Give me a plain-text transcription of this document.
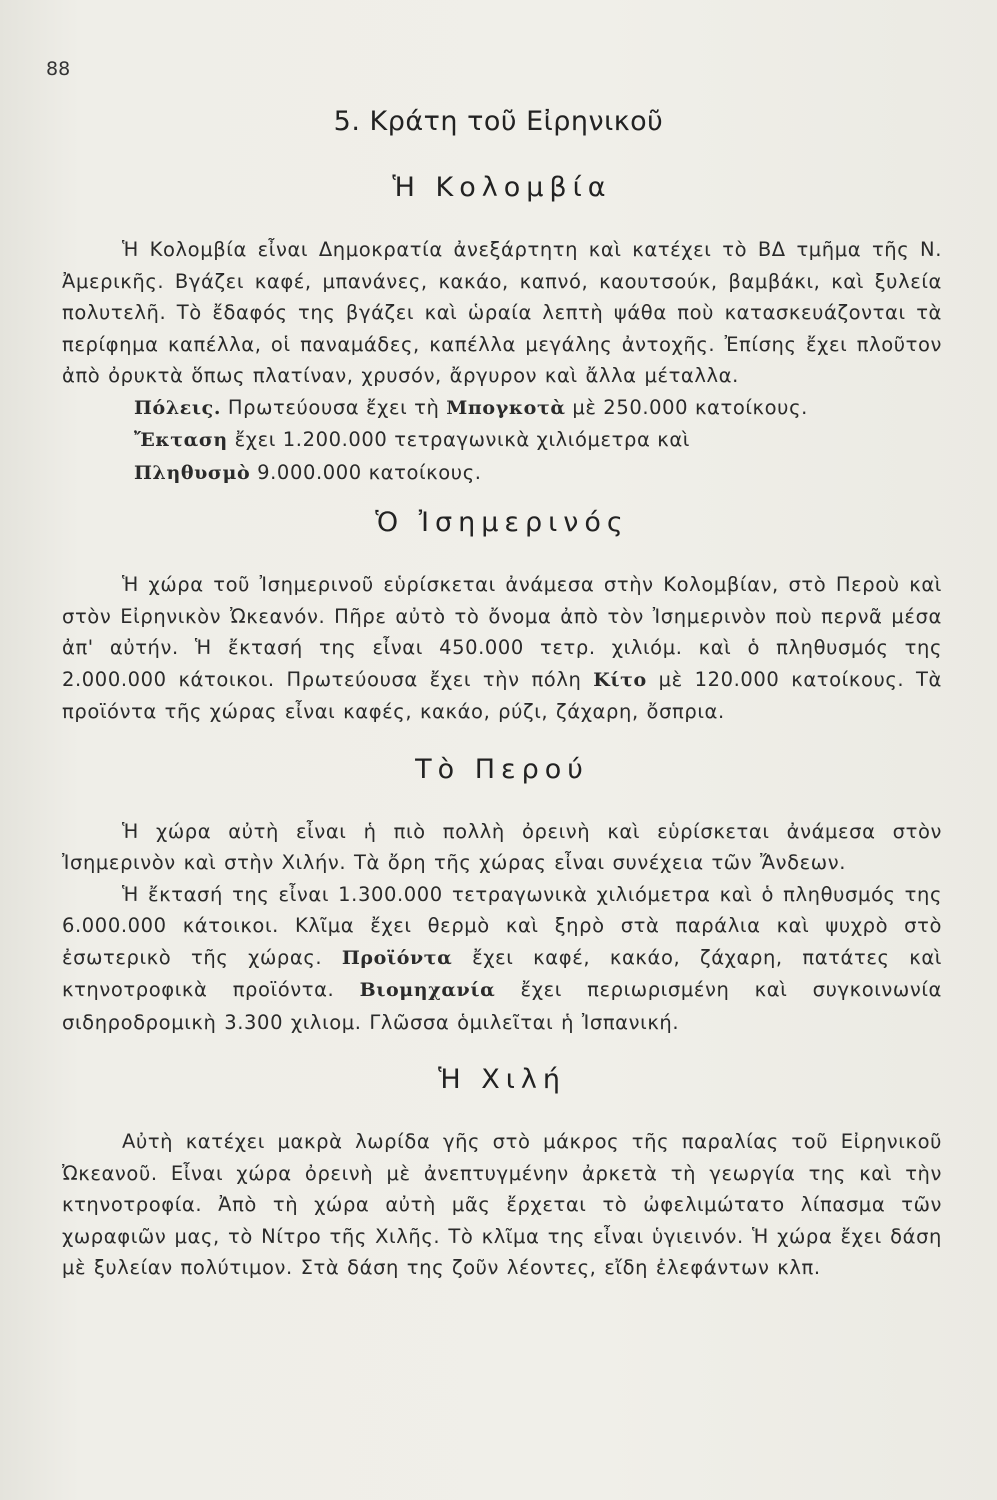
88
5. Κράτη τοῦ Εἰρηνικοῦ
Ἡ Κολομβία

Ἡ Κολομβία εἶναι Δημοκρατία ἀνεξάρτητη καὶ κατέχει τὸ ΒΔ τμῆμα τῆς Ν. Ἀμερικῆς. Βγάζει καφέ, μπανάνες, κακάο, καπνό, καουτσούκ, βαμβάκι, καὶ ξυλεία πολυτελῆ. Τὸ ἔδαφός της βγάζει καὶ ὡραία λεπτὴ ψάθα ποὺ κατασκευάζονται τὰ περίφημα καπέλλα, οἱ παναμάδες, καπέλλα μεγάλης ἀντοχῆς. Ἐπίσης ἔχει πλοῦτον ἀπὸ ὀρυκτὰ ὅπως πλατίναν, χρυσόν, ἄργυρον καὶ ἄλλα μέταλλα.

Πόλεις. Πρωτεύουσα ἔχει τὴ Μπογκοτὰ μὲ 250.000 κατοίκους.

Ἔκταση ἔχει 1.200.000 τετραγωνικὰ χιλιόμετρα καὶ

Πληθυσμὸ 9.000.000 κατοίκους.

Ὁ Ἰσημερινός

Ἡ χώρα τοῦ Ἰσημερινοῦ εὑρίσκεται ἀνάμεσα στὴν Κολομβίαν, στὸ Περοὺ καὶ στὸν Εἰρηνικὸν Ὠκεανόν. Πῆρε αὐτὸ τὸ ὄνομα ἀπὸ τὸν Ἰσημερινὸν ποὺ περνᾶ μέσα ἀπ' αὐτήν. Ἡ ἔκτασή της εἶναι 450.000 τετρ. χιλιόμ. καὶ ὁ πληθυσμός της 2.000.000 κάτοικοι. Πρωτεύουσα ἔχει τὴν πόλη Κίτο μὲ 120.000 κατοίκους. Τὰ προϊόντα τῆς χώρας εἶναι καφές, κακάο, ρύζι, ζάχαρη, ὄσπρια.

Τὸ Περού

Ἡ χώρα αὐτὴ εἶναι ἡ πιὸ πολλὴ ὀρεινὴ καὶ εὑρίσκεται ἀνάμεσα στὸν Ἰσημερινὸν καὶ στὴν Χιλήν. Τὰ ὄρη τῆς χώρας εἶναι συνέχεια τῶν Ἄνδεων.

Ἡ ἔκτασή της εἶναι 1.300.000 τετραγωνικὰ χιλιόμετρα καὶ ὁ πληθυσμός της 6.000.000 κάτοικοι. Κλῖμα ἔχει θερμὸ καὶ ξηρὸ στὰ παράλια καὶ ψυχρὸ στὸ ἐσωτερικὸ τῆς χώρας. Προϊόντα ἔχει καφέ, κακάο, ζάχαρη, πατάτες καὶ κτηνοτροφικὰ προϊόντα. Βιομηχανία ἔχει περιωρισμένη καὶ συγκοινωνία σιδηροδρομικὴ 3.300 χιλιομ. Γλῶσσα ὁμιλεῖται ἡ Ἰσπανική.

Ἡ Χιλή

Αὐτὴ κατέχει μακρὰ λωρίδα γῆς στὸ μάκρος τῆς παραλίας τοῦ Εἰρηνικοῦ Ὠκεανοῦ. Εἶναι χώρα ὀρεινὴ μὲ ἀνεπτυγμένην ἀρκετὰ τὴ γεωργία της καὶ τὴν κτηνοτροφία. Ἀπὸ τὴ χώρα αὐτὴ μᾶς ἔρχεται τὸ ὠφελιμώτατο λίπασμα τῶν χωραφιῶν μας, τὸ Νίτρο τῆς Χιλῆς. Τὸ κλῖμα της εἶναι ὑγιεινόν. Ἡ χώρα ἔχει δάση μὲ ξυλείαν πολύτιμον. Στὰ δάση της ζοῦν λέοντες, εἴδη ἐλεφάντων κλπ.
